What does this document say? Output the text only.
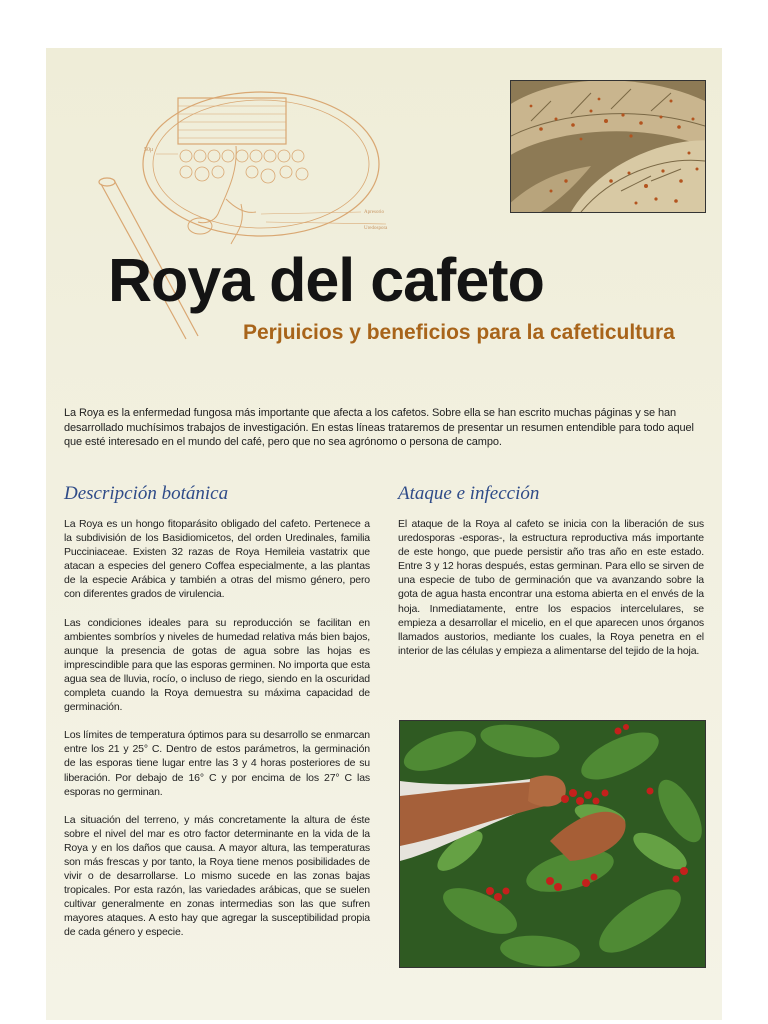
50μ
Apresorio
Uredospora
Roya del cafeto
Perjuicios y beneficios para la cafeticultura

La Roya es la enfermedad fungosa más importante que afecta a los cafetos. Sobre ella se han escrito muchas páginas y se han desarrollado muchísimos trabajos de investigación. En estas líneas trataremos de presentar un resumen entendible para todo aquel que esté interesado en el mundo del café, pero que no sea agrónomo o persona de campo.

Descripción botánica

La Roya es un hongo fitoparásito obligado del cafeto. Pertenece a la subdivisión de los Basidiomicetos, del orden Uredinales, familia Pucciniaceae. Existen 32 razas de Roya Hemileia vastatrix que atacan a especies del genero Coffea especialmente, a las plantas de la especie Arábica y también a otras del mismo género, pero con diferentes grados de virulencia.

Las condiciones ideales para su reproducción se facilitan en ambientes sombríos y niveles de humedad relativa más bien bajos, aunque la presencia de gotas de agua sobre las hojas es imprescindible para que las esporas germinen. No importa que esta agua sea de lluvia, rocío, o incluso de riego, siendo en la oscuridad completa cuando la Roya demuestra su máxima capacidad de germinación.

Los límites de temperatura óptimos para su desarrollo se enmarcan entre los 21 y 25° C. Dentro de estos parámetros, la germinación de las esporas tiene lugar entre las 3 y 4 horas posteriores de su liberación. Por debajo de 16° C y por encima de los 27° C las esporas no germinan.

La situación del terreno, y más concretamente la altura de éste sobre el nivel del mar es otro factor determinante en la vida de la Roya y en los daños que causa. A mayor altura, las temperaturas son más frescas y por tanto, la Roya tiene menos posibilidades de vivir o de desarrollarse. Lo mismo sucede en las zonas bajas tropicales. Por esta razón, las variedades arábicas, que se suelen cultivar generalmente en zonas intermedias son las que sufren mayores ataques. A esto hay que agregar la susceptibilidad propia de cada género y especie.

Ataque e infección

El ataque de la Roya al cafeto se inicia con la liberación de sus uredosporas -esporas-, la estructura reproductiva más importante de este hongo, que puede persistir año tras año en este estado. Entre 3 y 12 horas después, estas germinan. Para ello se sirven de una especie de tubo de germinación que va avanzando sobre la gota de agua hasta encontrar una estoma abierta en el envés de la hoja. Inmediatamente, entre los espacios intercelulares, se empieza a desarrollar el micelio, en el que aparecen unos órganos llamados austorios, mediante los cuales, la Roya penetra en el interior de las células y empieza a alimentarse del tejido de la hoja.
